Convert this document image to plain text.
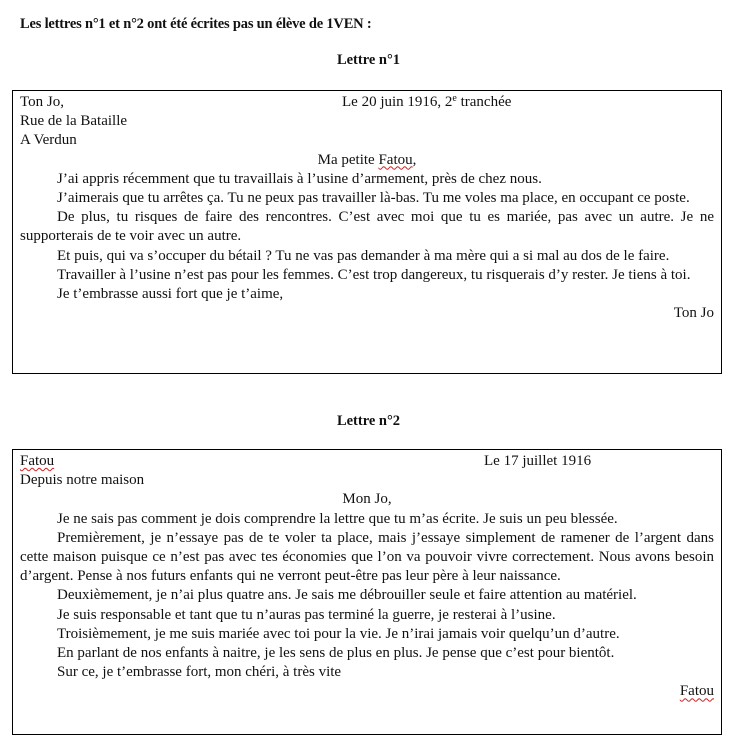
Les lettres n°1 et n°2 ont été écrites pas un élève de 1VEN :
Lettre n°1
Ton Jo,	Le 20 juin 1916, 2e tranchée
Rue de la Bataille
A Verdun
Ma petite Fatou,

J’ai appris récemment que tu travaillais à l’usine d’armement, près de chez nous.

J’aimerais que tu arrêtes ça. Tu ne peux pas travailler là-bas. Tu me voles ma place, en occupant ce poste.

De plus, tu risques de faire des rencontres. C’est avec moi que tu es mariée, pas avec un autre. Je ne supporterais de te voir avec un autre.

Et puis, qui va s’occuper du bétail ? Tu ne vas pas demander à ma mère qui a si mal au dos de le faire.

Travailler à l’usine n’est pas pour les femmes. C’est trop dangereux, tu risquerais d’y rester. Je tiens à toi.

Je t’embrasse aussi fort que je t’aime,

Ton Jo
Lettre n°2
Fatou	Le 17 juillet 1916
Depuis notre maison
Mon Jo,

Je ne sais pas comment je dois comprendre la lettre que tu m’as écrite. Je suis un peu blessée.

Premièrement, je n’essaye pas de te voler ta place, mais j’essaye simplement de ramener de l’argent dans cette maison puisque ce n’est pas avec tes économies que l’on va pouvoir vivre correctement. Nous avons besoin d’argent. Pense à nos futurs enfants qui ne verront peut-être pas leur père à leur naissance.

Deuxièmement, je n’ai plus quatre ans. Je sais me débrouiller seule et faire attention au matériel.

Je suis responsable et tant que tu n’auras pas terminé la guerre, je resterai à l’usine.

Troisièmement, je me suis mariée avec toi pour la vie. Je n’irai jamais voir quelqu’un d’autre.

En parlant de nos enfants à naitre, je les sens de plus en plus. Je pense que c’est pour bientôt.

Sur ce, je t’embrasse fort, mon chéri, à très vite

Fatou
